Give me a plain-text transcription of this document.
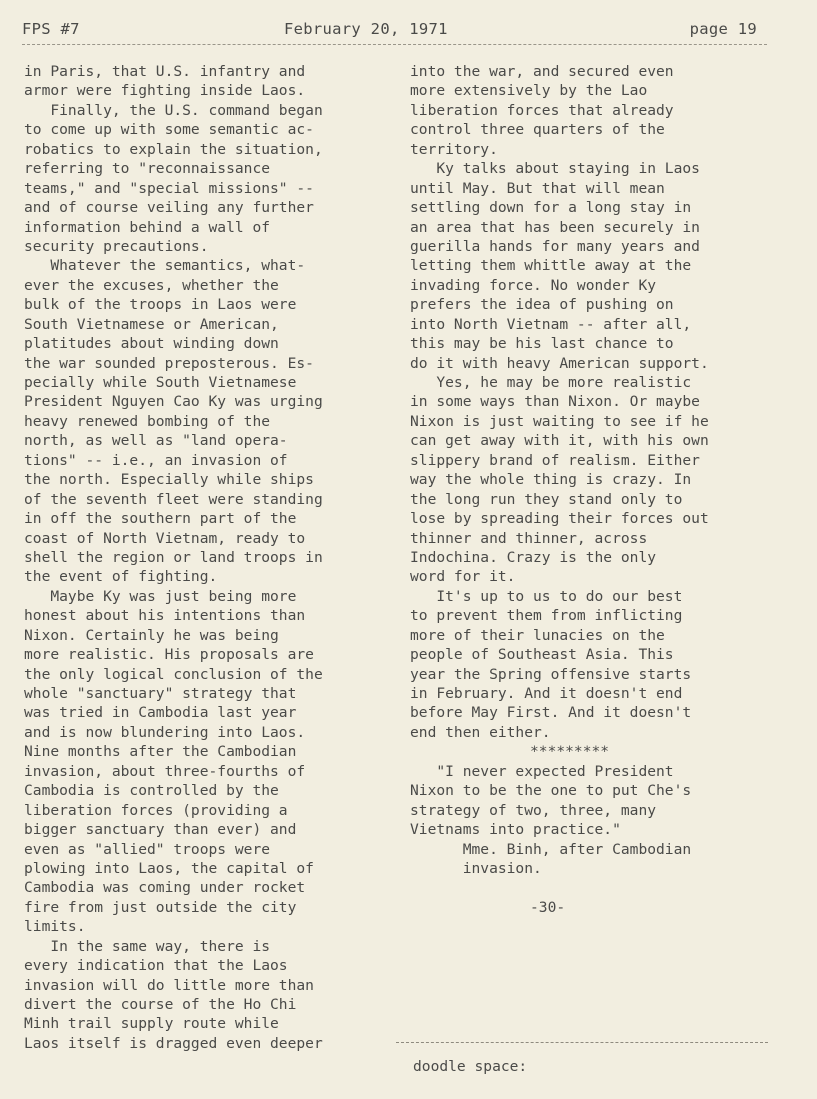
FPS #7	February 20, 1971	page 19
in Paris, that U.S. infantry and
armor were fighting inside Laos.
Finally, the U.S. command began
to come up with some semantic ac-
robatics to explain the situation,
referring to "reconnaissance
teams," and "special missions" --
and of course veiling any further
information behind a wall of
security precautions.
Whatever the semantics, what-
ever the excuses, whether the
bulk of the troops in Laos were
South Vietnamese or American,
platitudes about winding down
the war sounded preposterous. Es-
pecially while South Vietnamese
President Nguyen Cao Ky was urging
heavy renewed bombing of the
north, as well as "land opera-
tions" -- i.e., an invasion of
the north. Especially while ships
of the seventh fleet were standing
in off the southern part of the
coast of North Vietnam, ready to
shell the region or land troops in
the event of fighting.
Maybe Ky was just being more
honest about his intentions than
Nixon. Certainly he was being
more realistic. His proposals are
the only logical conclusion of the
whole "sanctuary" strategy that
was tried in Cambodia last year
and is now blundering into Laos.
Nine months after the Cambodian
invasion, about three-fourths of
Cambodia is controlled by the
liberation forces (providing a
bigger sanctuary than ever) and
even as "allied" troops were
plowing into Laos, the capital of
Cambodia was coming under rocket
fire from just outside the city
limits.
In the same way, there is
every indication that the Laos
invasion will do little more than
divert the course of the Ho Chi
Minh trail supply route while
Laos itself is dragged even deeper
into the war, and secured even
more extensively by the Lao
liberation forces that already
control three quarters of the
territory.
Ky talks about staying in Laos
until May. But that will mean
settling down for a long stay in
an area that has been securely in
guerilla hands for many years and
letting them whittle away at the
invading force. No wonder Ky
prefers the idea of pushing on
into North Vietnam -- after all,
this may be his last chance to
do it with heavy American support.
Yes, he may be more realistic
in some ways than Nixon. Or maybe
Nixon is just waiting to see if he
can get away with it, with his own
slippery brand of realism. Either
way the whole thing is crazy. In
the long run they stand only to
lose by spreading their forces out
thinner and thinner, across
Indochina. Crazy is the only
word for it.
It's up to us to do our best
to prevent them from inflicting
more of their lunacies on the
people of Southeast Asia. This
year the Spring offensive starts
in February. And it doesn't end
before May First. And it doesn't
end then either.
*********
"I never expected President
Nixon to be the one to put Che's
strategy of two, three, many
Vietnams into practice."
Mme. Binh, after Cambodian
invasion.
-30-
doodle space:
